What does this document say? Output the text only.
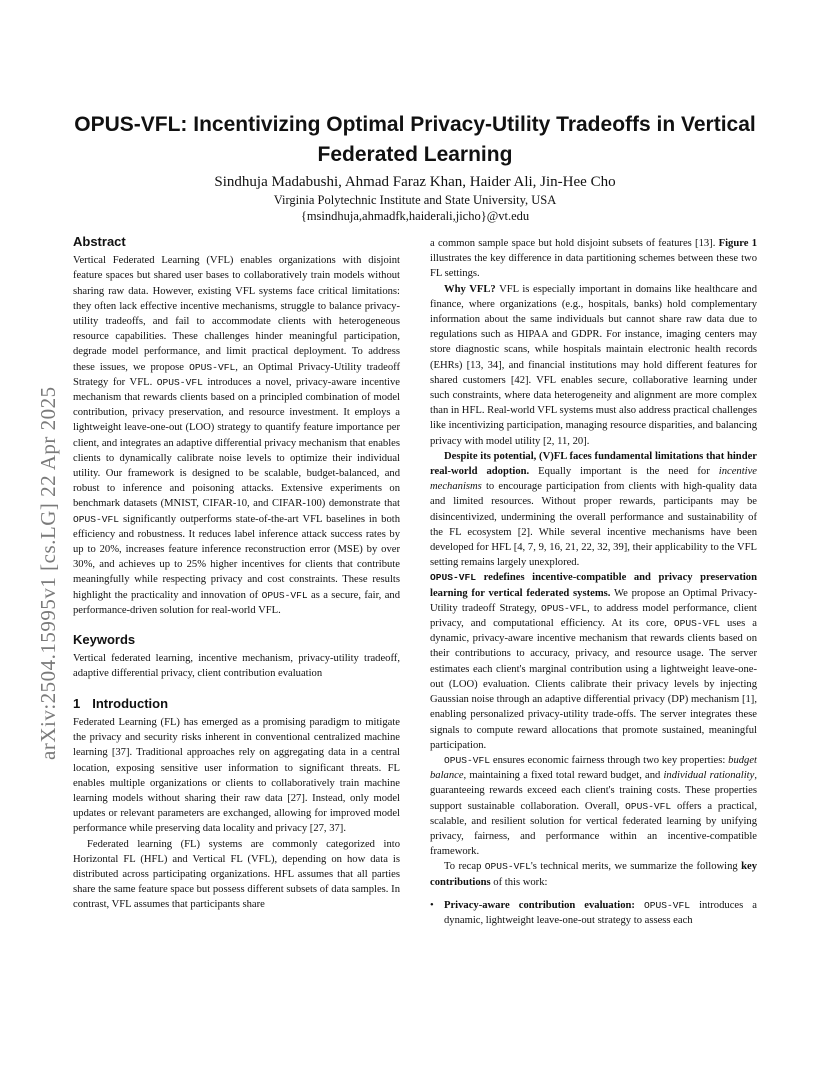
arXiv:2504.15995v1 [cs.LG] 22 Apr 2025
OPUS-VFL: Incentivizing Optimal Privacy-Utility Tradeoffs in Vertical Federated Learning
Sindhuja Madabushi, Ahmad Faraz Khan, Haider Ali, Jin-Hee Cho
Virginia Polytechnic Institute and State University, USA
{msindhuja,ahmadfk,haiderali,jicho}@vt.edu
Abstract

Vertical Federated Learning (VFL) enables organizations with disjoint feature spaces but shared user bases to collaboratively train models without sharing raw data. However, existing VFL systems face critical limitations: they often lack effective incentive mechanisms, struggle to balance privacy-utility tradeoffs, and fail to accommodate clients with heterogeneous resource capabilities. These challenges hinder meaningful participation, degrade model performance, and limit practical deployment. To address these issues, we propose OPUS-VFL, an Optimal Privacy-Utility tradeoff Strategy for VFL. OPUS-VFL introduces a novel, privacy-aware incentive mechanism that rewards clients based on a principled combination of model contribution, privacy preservation, and resource investment. It employs a lightweight leave-one-out (LOO) strategy to quantify feature importance per client, and integrates an adaptive differential privacy mechanism that enables clients to dynamically calibrate noise levels to optimize their individual utility. Our framework is designed to be scalable, budget-balanced, and robust to inference and poisoning attacks. Extensive experiments on benchmark datasets (MNIST, CIFAR-10, and CIFAR-100) demonstrate that OPUS-VFL significantly outperforms state-of-the-art VFL baselines in both efficiency and robustness. It reduces label inference attack success rates by up to 20%, increases feature inference reconstruction error (MSE) by over 30%, and achieves up to 25% higher incentives for clients that contribute meaningfully while respecting privacy and cost constraints. These results highlight the practicality and innovation of OPUS-VFL as a secure, fair, and performance-driven solution for real-world VFL.

Keywords

Vertical federated learning, incentive mechanism, privacy-utility tradeoff, adaptive differential privacy, client contribution evaluation

1 Introduction

Federated Learning (FL) has emerged as a promising paradigm to mitigate the privacy and security risks inherent in conventional centralized machine learning [37]. Traditional approaches rely on aggregating data in a central location, exposing sensitive user information to significant threats. FL enables multiple organizations or clients to collaboratively train machine learning models without sharing their raw data [27]. Instead, only model updates or relevant parameters are exchanged, allowing for improved model performance while preserving data locality and privacy [27, 37].

Federated learning (FL) systems are commonly categorized into Horizontal FL (HFL) and Vertical FL (VFL), depending on how data is distributed across participating organizations. HFL assumes that all parties share the same feature space but possess different subsets of data samples. In contrast, VFL assumes that participants share

a common sample space but hold disjoint subsets of features [13]. Figure 1 illustrates the key difference in data partitioning schemes between these two FL settings.

Why VFL? VFL is especially important in domains like healthcare and finance, where organizations (e.g., hospitals, banks) hold complementary information about the same individuals but cannot share raw data due to regulations such as HIPAA and GDPR. For instance, imaging centers may store diagnostic scans, while hospitals maintain electronic health records (EHRs) [13, 34], and financial institutions may hold different features for shared customers [42]. VFL enables secure, collaborative learning under such constraints, where data heterogeneity and alignment are more complex than in HFL. Real-world VFL systems must also address practical challenges like incentivizing participation, managing resource disparities, and balancing privacy with model utility [2, 11, 20].

Despite its potential, (V)FL faces fundamental limitations that hinder real-world adoption. Equally important is the need for incentive mechanisms to encourage participation from clients with high-quality data and limited resources. Without proper rewards, participants may be disincentivized, undermining the overall performance and sustainability of the FL ecosystem [2]. While several incentive mechanisms have been developed for HFL [4, 7, 9, 16, 21, 22, 32, 39], their applicability to the VFL setting remains largely unexplored.

OPUS-VFL redefines incentive-compatible and privacy preservation learning for vertical federated systems. We propose an Optimal Privacy-Utility tradeoff Strategy, OPUS-VFL, to address model performance, client privacy, and computational efficiency. At its core, OPUS-VFL uses a dynamic, privacy-aware incentive mechanism that rewards clients based on their contributions to accuracy, privacy, and resource usage. The server estimates each client's marginal contribution using a lightweight leave-one-out (LOO) evaluation. Clients calibrate their privacy levels by injecting Gaussian noise through an adaptive differential privacy (DP) mechanism [1], enabling personalized privacy-utility trade-offs. The server integrates these signals to compute reward allocations that promote sustained, meaningful participation.

OPUS-VFL ensures economic fairness through two key properties: budget balance, maintaining a fixed total reward budget, and individual rationality, guaranteeing rewards exceed each client's training costs. These properties support sustainable collaboration. Overall, OPUS-VFL offers a practical, scalable, and resilient solution for vertical federated learning by unifying privacy, fairness, and performance within an incentive-compatible framework.

To recap OPUS-VFL's technical merits, we summarize the following key contributions of this work:

• Privacy-aware contribution evaluation: OPUS-VFL introduces a dynamic, lightweight leave-one-out strategy to assess each
